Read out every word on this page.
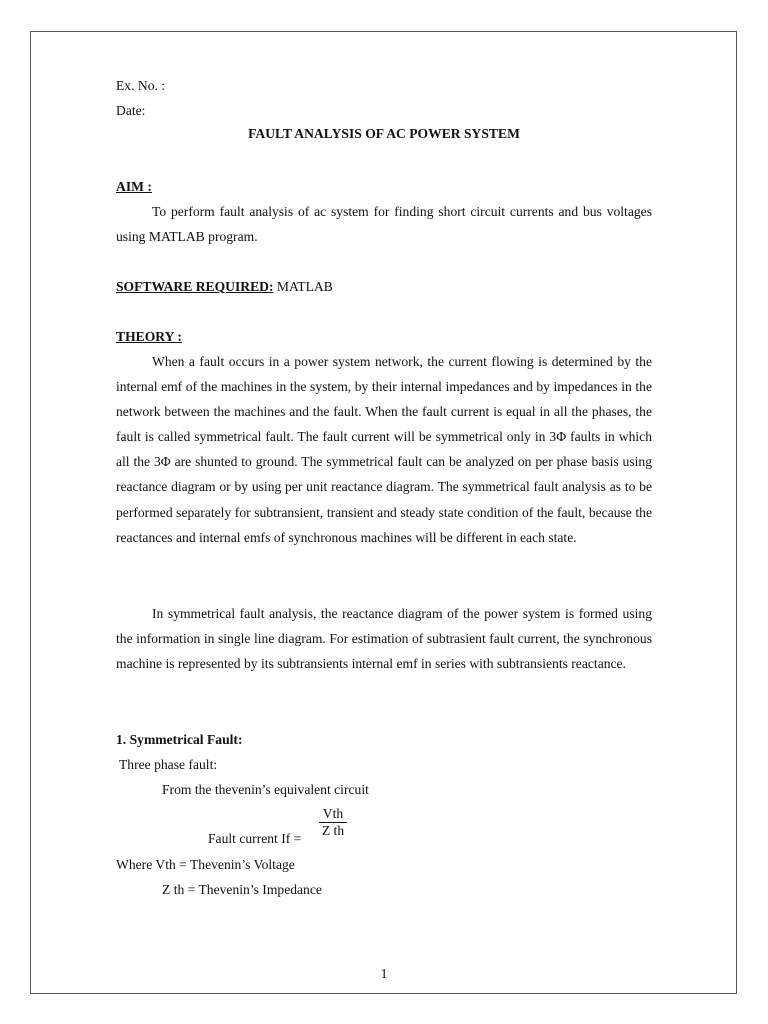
Ex. No. :
Date:
FAULT ANALYSIS OF AC POWER SYSTEM
AIM :
To perform fault analysis of ac system for finding short circuit currents and bus voltages using MATLAB program.
SOFTWARE REQUIRED: MATLAB
THEORY :
When a fault occurs in a power system network, the current flowing is determined by the internal emf of the machines in the system, by their internal impedances and by impedances in the network between the machines and the fault. When the fault current is equal in all the phases, the fault is called symmetrical fault. The fault current will be symmetrical only in 3Φ faults in which all the 3Φ are shunted to ground. The symmetrical fault can be analyzed on per phase basis using reactance diagram or by using per unit reactance diagram. The symmetrical fault analysis as to be performed separately for subtransient, transient and steady state condition of the fault, because the reactances and internal emfs of synchronous machines will be different in each state.
In symmetrical fault analysis, the reactance diagram of the power system is formed using the information in single line diagram. For estimation of subtrasient fault current, the synchronous machine is represented by its subtransients internal emf in series with subtransients reactance.
1. Symmetrical Fault:
Three phase fault:
From the thevenin’s equivalent circuit
Fault current If =
Vth
Z th
Where Vth = Thevenin’s Voltage
Z th = Thevenin’s Impedance
1
